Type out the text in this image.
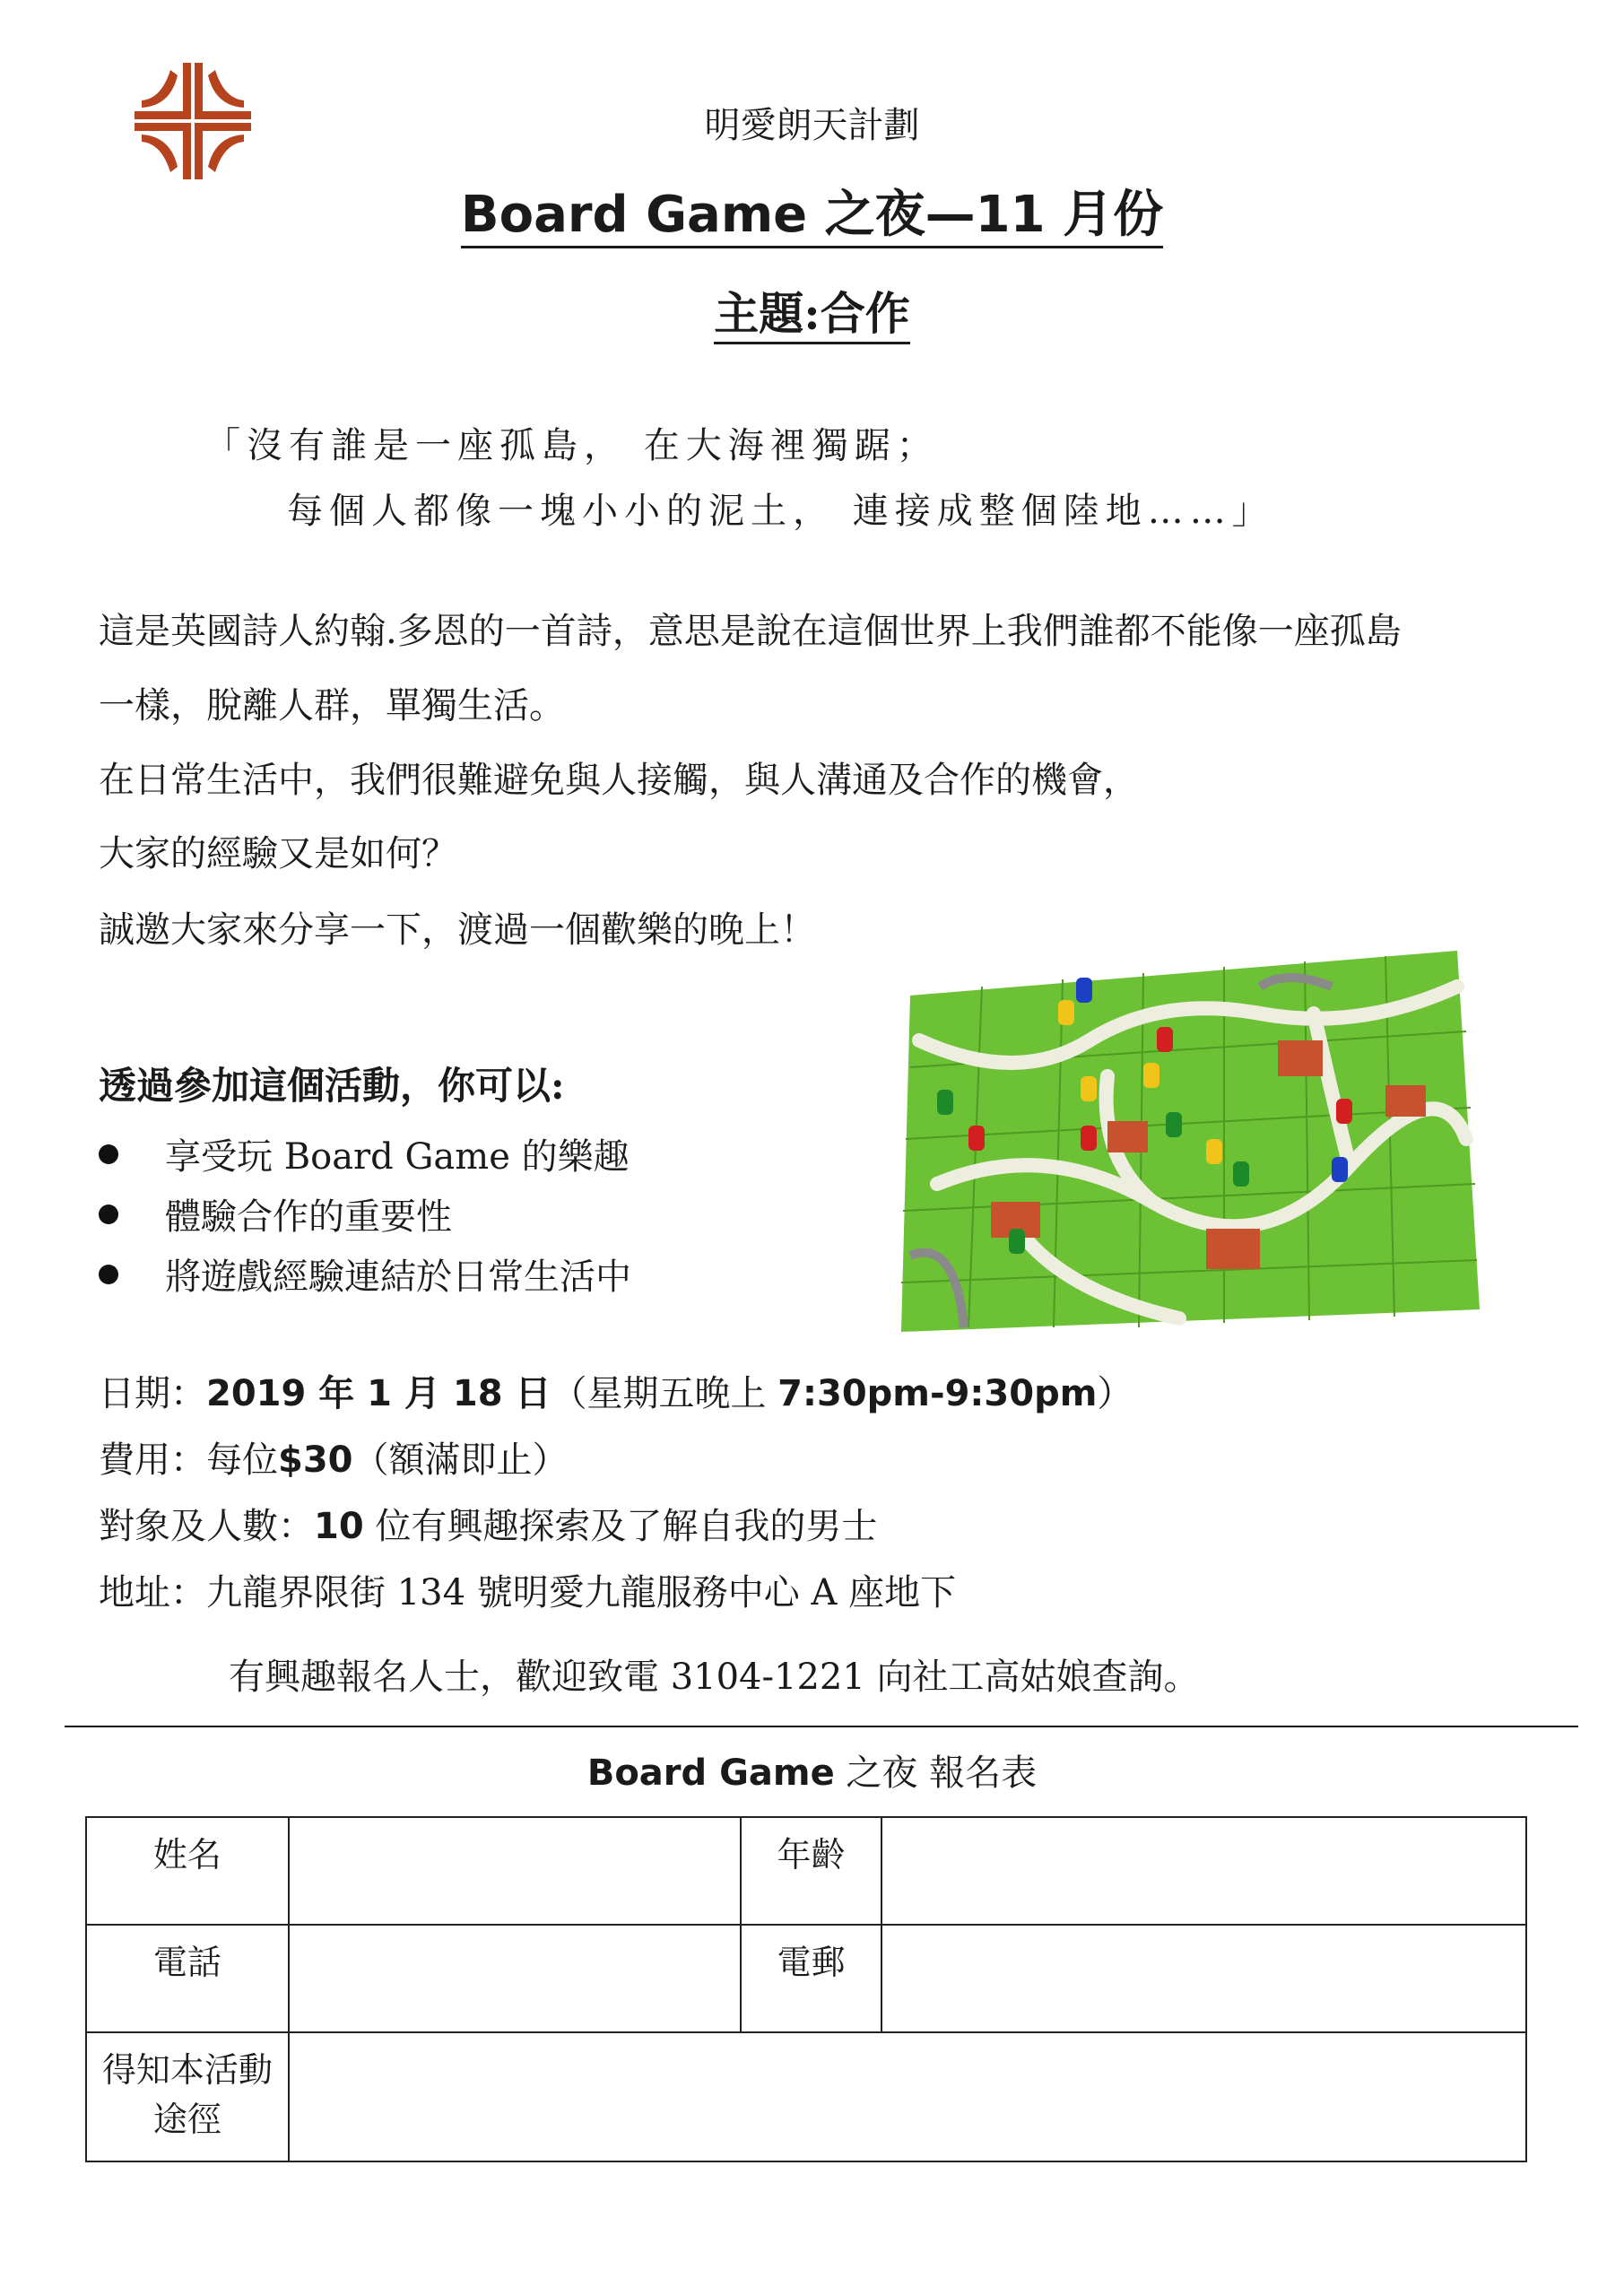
明愛朗天計劃
Board Game 之夜—11 月份
主題:合作
「沒有誰是一座孤島， 在大海裡獨踞；
每個人都像一塊小小的泥土， 連接成整個陸地……」
這是英國詩人約翰.多恩的一首詩，意思是說在這個世界上我們誰都不能像一座孤島
一樣，脫離人群，單獨生活。
在日常生活中，我們很難避免與人接觸，與人溝通及合作的機會，
大家的經驗又是如何？
誠邀大家來分享一下，渡過一個歡樂的晚上！
透過參加這個活動，你可以:
享受玩 Board Game 的樂趣
體驗合作的重要性
將遊戲經驗連結於日常生活中
日期：2019 年 1 月 18 日（星期五晚上 7:30pm-9:30pm）
費用：每位$30（額滿即止）
對象及人數：10 位有興趣探索及了解自我的男士
地址：九龍界限街 134 號明愛九龍服務中心 A 座地下
有興趣報名人士，歡迎致電 3104-1221 向社工高姑娘查詢。
Board Game 之夜 報名表
姓名		年齡	
電話		電郵	
得知本活動
途徑			
